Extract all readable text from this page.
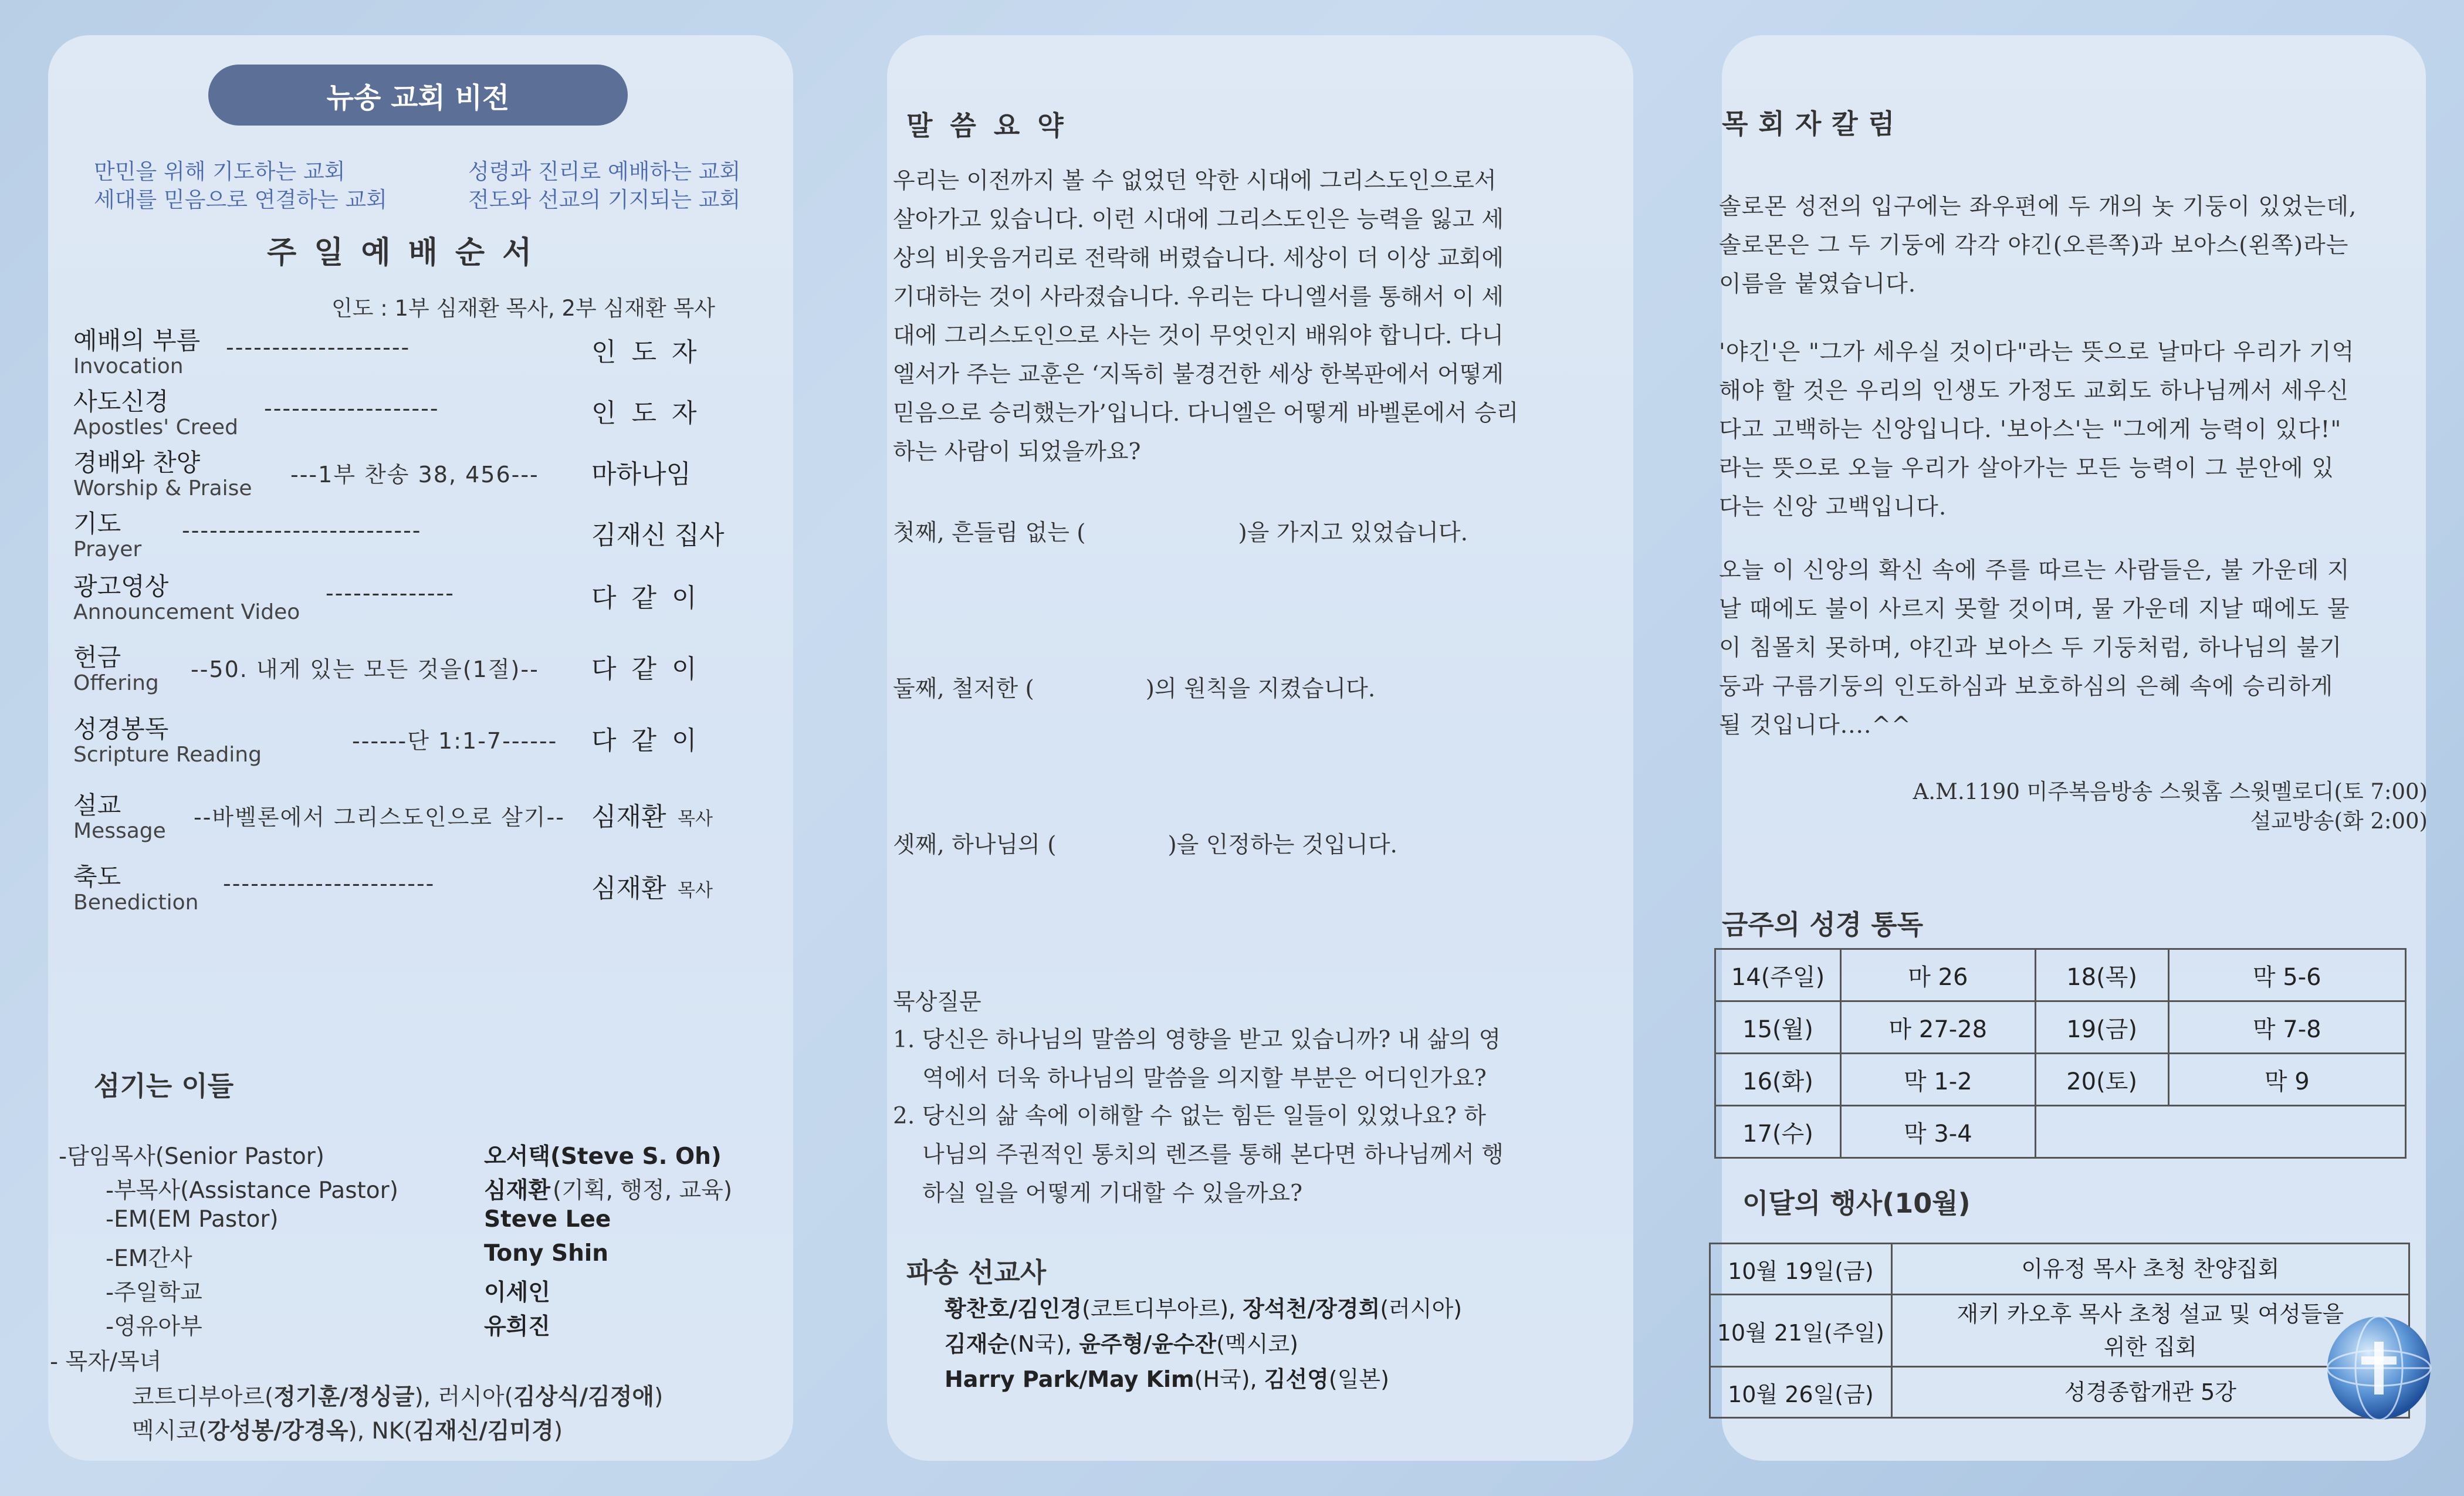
뉴송 교회 비전
만민을 위해 기도하는 교회	성령과 진리로 예배하는 교회
세대를 믿음으로 연결하는 교회	전도와 선교의 기지되는 교회
주일예배순서
인도 : 1부 심재환 목사, 2부 심재환 목사
예배의 부름
Invocation
--------------------	인도자
사도신경
Apostles' Creed
-------------------	인도자
경배와 찬양
Worship & Praise
---1부 찬송 38, 456--- 마하나임
기도
Prayer
--------------------------	김재신 집사
광고영상
Announcement Video
--------------	다같이
헌금
Offering
--50. 내게 있는 모든 것을(1절)-- 다같이
성경봉독
Scripture Reading
------단 1:1-7------ 다같이
설교
Message
--바벨론에서 그리스도인으로 살기-- 심재환 목사
축도
Benediction
-----------------------	심재환 목사
섬기는 이들
-담임목사(Senior Pastor)	오서택(Steve S. Oh)
-부목사(Assistance Pastor)	심재환 (기획, 행정, 교육)
-EM(EM Pastor)	Steve Lee
-EM간사	Tony Shin
-주일학교	이세인
-영유아부	유희진
- 목자/목녀
코트디부아르(정기훈/정싱글), 러시아(김상식/김정애)
멕시코(강성봉/강경옥), NK(김재신/김미경)
말씀요약
우리는 이전까지 볼 수 없었던 악한 시대에 그리스도인으로서
살아가고 있습니다. 이런 시대에 그리스도인은 능력을 잃고 세
상의 비웃음거리로 전락해 버렸습니다. 세상이 더 이상 교회에
기대하는 것이 사라졌습니다. 우리는 다니엘서를 통해서 이 세
대에 그리스도인으로 사는 것이 무엇인지 배워야 합니다. 다니
엘서가 주는 교훈은 ‘지독히 불경건한 세상 한복판에서 어떻게
믿음으로 승리했는가’입니다. 다니엘은 어떻게 바벨론에서 승리
하는 사람이 되었을까요?
첫째, 흔들림 없는 (	)을 가지고 있었습니다.
둘째, 철저한 (	)의 원칙을 지켰습니다.
셋째, 하나님의 (	)을 인정하는 것입니다.
묵상질문
1. 당신은 하나님의 말씀의 영향을 받고 있습니까? 내 삶의 영
역에서 더욱 하나님의 말씀을 의지할 부분은 어디인가요?
2. 당신의 삶 속에 이해할 수 없는 힘든 일들이 있었나요? 하
나님의 주권적인 통치의 렌즈를 통해 본다면 하나님께서 행
하실 일을 어떻게 기대할 수 있을까요?
파송 선교사
황찬호/김인경(코트디부아르), 장석천/장경희(러시아)
김재순(N국), 윤주형/윤수잔(멕시코)
Harry Park/May Kim(H국), 김선영(일본)
목회자칼럼
솔로몬 성전의 입구에는 좌우편에 두 개의 놋 기둥이 있었는데,
솔로몬은 그 두 기둥에 각각 야긴(오른쪽)과 보아스(왼쪽)라는
이름을 붙였습니다.
'야긴'은 "그가 세우실 것이다"라는 뜻으로 날마다 우리가 기억
해야 할 것은 우리의 인생도 가정도 교회도 하나님께서 세우신
다고 고백하는 신앙입니다. '보아스'는 "그에게 능력이 있다!"
라는 뜻으로 오늘 우리가 살아가는 모든 능력이 그 분안에 있
다는 신앙 고백입니다.
오늘 이 신앙의 확신 속에 주를 따르는 사람들은, 불 가운데 지
날 때에도 불이 사르지 못할 것이며, 물 가운데 지날 때에도 물
이 침몰치 못하며, 야긴과 보아스 두 기둥처럼, 하나님의 불기
둥과 구름기둥의 인도하심과 보호하심의 은혜 속에 승리하게
될 것입니다....^^
A.M.1190 미주복음방송 스윗홈 스윗멜로디(토 7:00)
설교방송(화 2:00)
금주의 성경 통독
14(주일)	마 26	18(목)	막 5-6
15(월)	마 27-28	19(금)	막 7-8
16(화)	막 1-2	20(토)	막 9
17(수)	막 3-4		
이달의 행사(10월)
10월 19일(금)	이유정 목사 초청 찬양집회

10월 21일(주일)	재키 카오후 목사 초청 설교 및 여성들을
위한 집회

10월 26일(금)	성경종합개관 5강
